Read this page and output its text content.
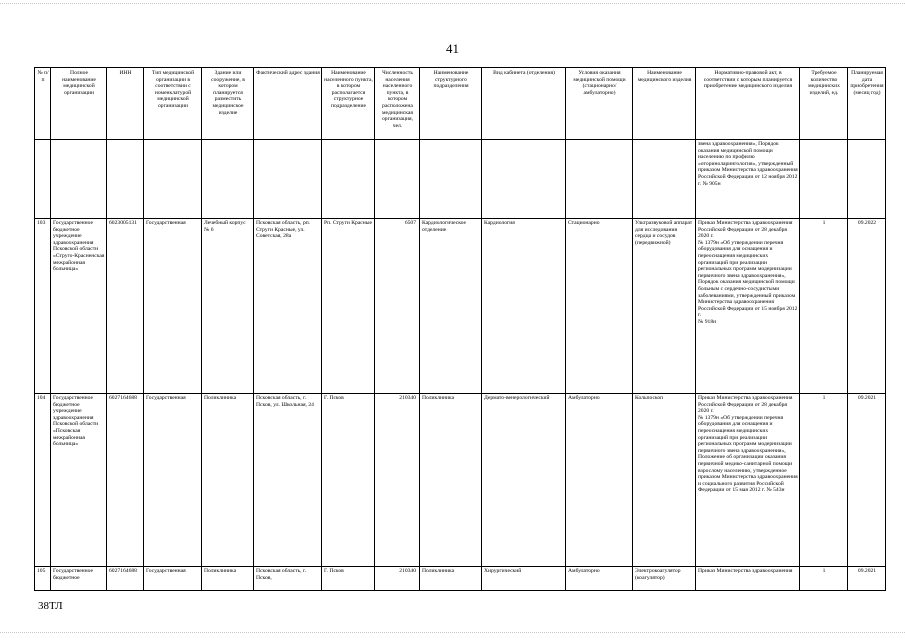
41
№ п/п	Полное наименование медицинской организации	ИНН	Тип медицинской организации в соответствии с номенклатурой медицинской организации	Здание или сооружение, в котором планируется разместить медицинское изделие	Фактический адрес здания	Наименование населенного пункта, в котором располагается структурное подразделение	Численность населения населенного пункта, в котором расположена медицинская организация, чел.	Наименование структурного подразделения	Вид кабинета (отделения)	Условия оказания медицинской помощи (стационарно/ амбулаторно)	Наименование медицинского изделия	Нормативно-правовой акт, в соответствии с которым планируется приобретение медицинского изделия	Требуемое количество медицинских изделий, ед.	Планируемая дата приобретения (месяц год)
												звена здравоохранения», Порядок оказания медицинской помощи населению по профилю «оториноларингология», утвержденный приказом Министерства здравоохранения Российской Федерации от 12 ноября 2012 г. № 905н		
103	Государственное бюджетное учреждение здравоохранения Псковской области «Струго-Красненская межрайонная больница»	6023005131	Государственная	Лечебный корпус № 6	Псковская область, рп. Струги Красные, ул. Советская, 28а	Рп. Струги Красные	6507	Кардиологическое отделение	Кардиология	Стационарно	Ультразвуковой аппарат для исследования сердца и сосудов (передвижной)	Приказ Министерства здравоохранения Российской Федерации от 28 декабря 2020 г.
№ 1379н «Об утверждении перечня оборудования для оснащения и переоснащения медицинских организаций при реализации региональных программ модернизации первичного звена здравоохранения», Порядок оказания медицинской помощи больным с сердечно-сосудистыми заболеваниями, утвержденный приказом Министерства здравоохранения Российской Федерации от 15 ноября 2012 г.
№ 918н	1	09.2022
104	Государственное бюджетное учреждение здравоохранения Псковской области «Псковская межрайонная больница»	6027164688	Государственная	Поликлиника	Псковская область, г. Псков, ул. Школьная, 24	Г. Псков	210340	Поликлиника	Дермато-венерологический	Амбулаторно	Кольпоскоп	Приказ Министерства здравоохранения Российской Федерации от 28 декабря 2020 г.
№ 1379н «Об утверждении перечня оборудования для оснащения и переоснащения медицинских организаций при реализации региональных программ модернизации первичного звена здравоохранения», Положение об организации оказания первичной медико-санитарной помощи взрослому населению, утвержденное приказом Министерства здравоохранения и социального развития Российской Федерации от 15 мая 2012 г. № 543н	1	09.2021
105	Государственное бюджетное	6027164688	Государственная	Поликлиника	Псковская область, г. Псков,	Г. Псков	210340	Поликлиника	Хирургический	Амбулаторно	Электрокоагулятор (коагулятор)	Приказ Министерства здравоохранения	1	09.2021
38ТЛ
